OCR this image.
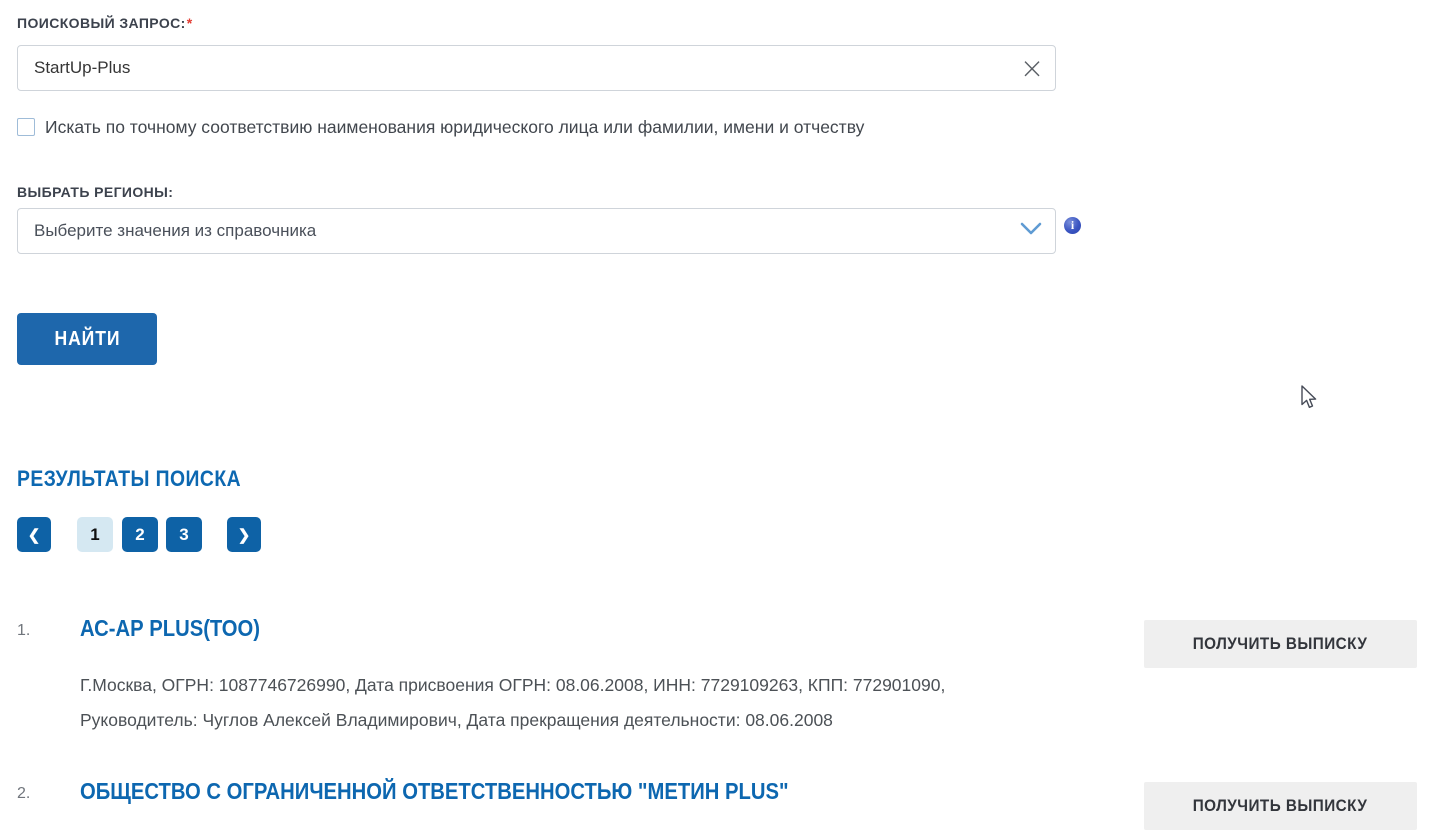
ПОИСКОВЫЙ ЗАПРОС:*
StartUp-Plus
×
Искать по точному соответствию наименования юридического лица или фамилии, имени и отчеству
ВЫБРАТЬ РЕГИОНЫ:
Выберите значения из справочника	i
НАЙТИ
РЕЗУЛЬТАТЫ ПОИСКА
❮	1 2 3	❯
1. АС-АР PLUS(ТОО)
Г.Москва, ОГРН: 1087746726990, Дата присвоения ОГРН: 08.06.2008, ИНН: 7729109263, КПП: 772901090,
Руководитель: Чуглов Алексей Владимирович, Дата прекращения деятельности: 08.06.2008
ПОЛУЧИТЬ ВЫПИСКУ
2. ОБЩЕСТВО С ОГРАНИЧЕННОЙ ОТВЕТСТВЕННОСТЬЮ "МЕТИН PLUS"
ПОЛУЧИТЬ ВЫПИСКУ
